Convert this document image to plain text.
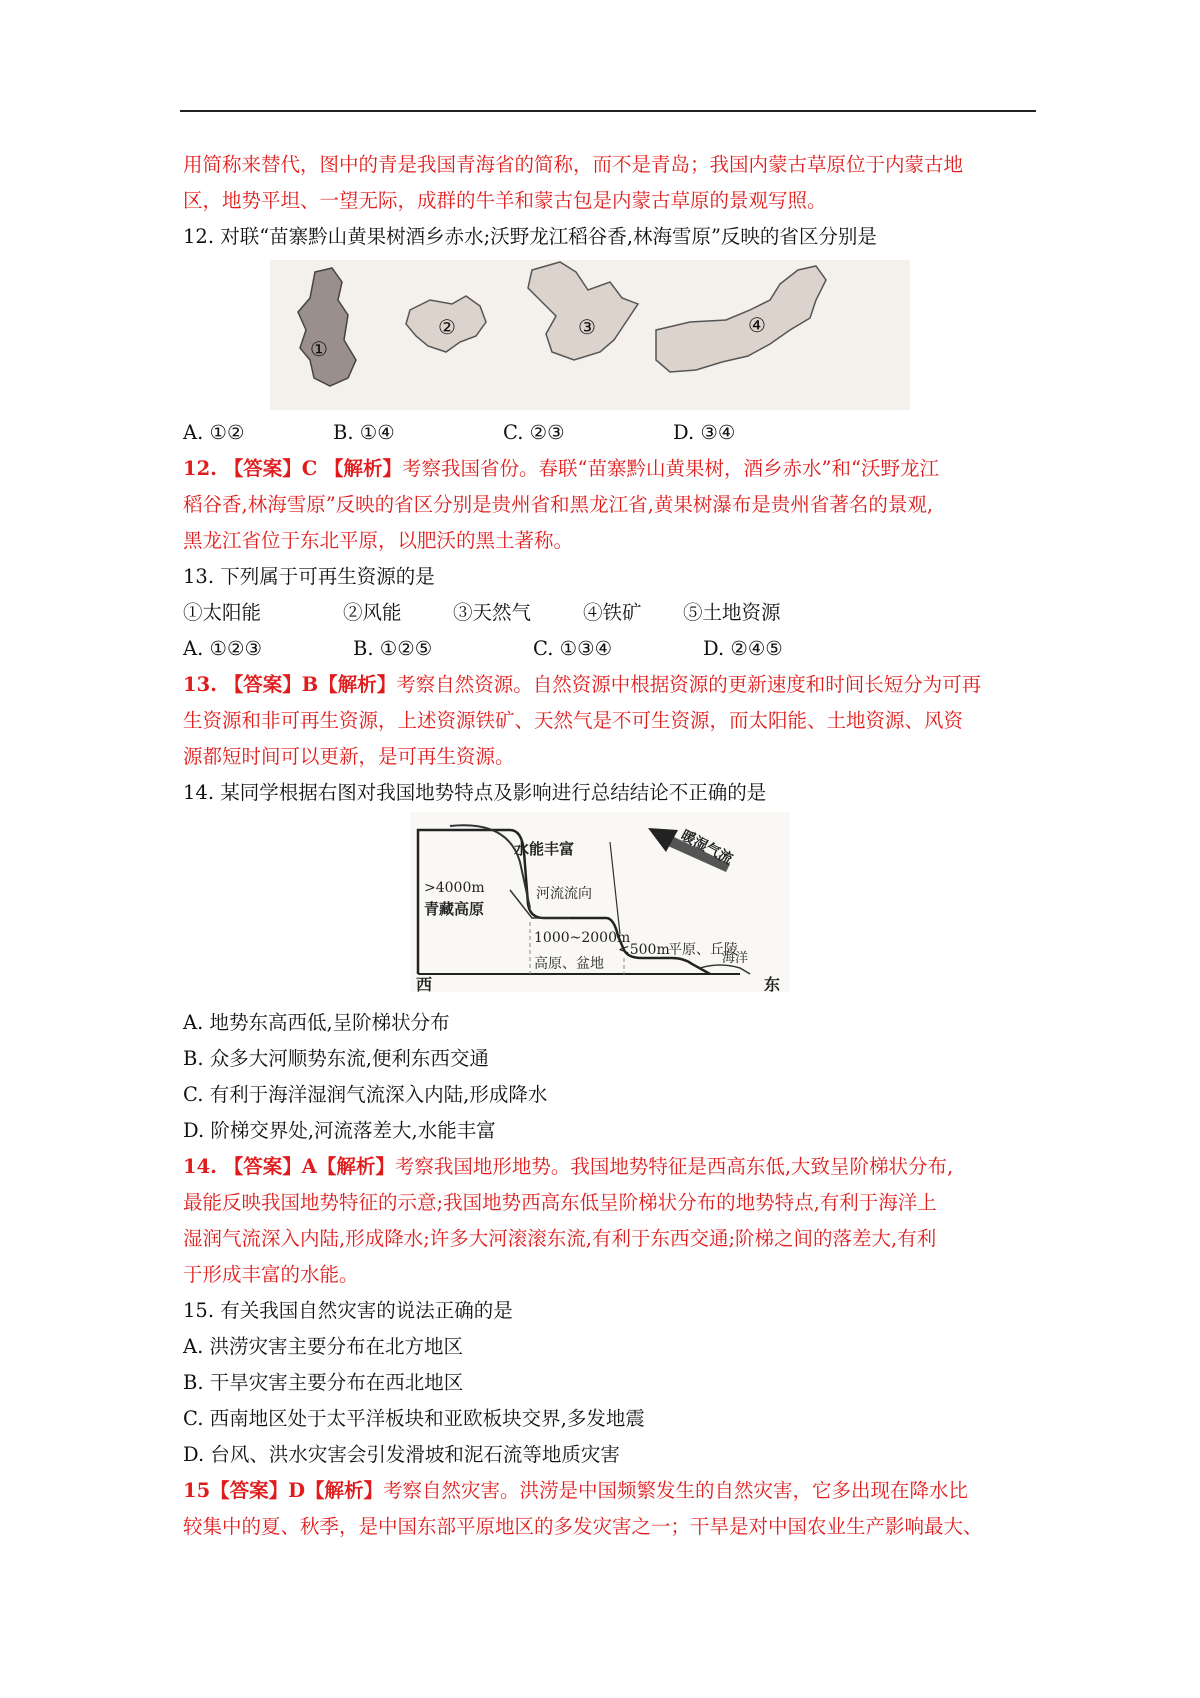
用简称来替代，图中的青是我国青海省的简称，而不是青岛；我国内蒙古草原位于内蒙古地
区，地势平坦、一望无际，成群的牛羊和蒙古包是内蒙古草原的景观写照。
12. 对联“苗寨黔山黄果树酒乡赤水;沃野龙江稻谷香,林海雪原”反映的省区分别是
①
②	③	④
A. ①②	B. ①④	C. ②③	D. ③④
12. 【答案】C 【解析】考察我国省份。春联“苗寨黔山黄果树，酒乡赤水”和“沃野龙江
稻谷香,林海雪原”反映的省区分别是贵州省和黑龙江省,黄果树瀑布是贵州省著名的景观,
黑龙江省位于东北平原，以肥沃的黑土著称。
13. 下列属于可再生资源的是
①太阳能	②风能	③天然气	④铁矿 ⑤土地资源
A. ①②③	B. ①②⑤	C. ①③④	D. ②④⑤
13. 【答案】B【解析】考察自然资源。自然资源中根据资源的更新速度和时间长短分为可再
生资源和非可再生资源，上述资源铁矿、天然气是不可生资源，而太阳能、土地资源、风资
源都短时间可以更新，是可再生资源。
14. 某同学根据右图对我国地势特点及影响进行总结结论不正确的是
水能丰富	暖湿气流
>4000m
青藏高原
河流流向
1000~2000m
高原、盆地
<500m
平原、丘陵
海洋
西	东
A. 地势东高西低,呈阶梯状分布
B. 众多大河顺势东流,便利东西交通
C. 有利于海洋湿润气流深入内陆,形成降水
D. 阶梯交界处,河流落差大,水能丰富
14. 【答案】A【解析】考察我国地形地势。我国地势特征是西高东低,大致呈阶梯状分布,
最能反映我国地势特征的示意;我国地势西高东低呈阶梯状分布的地势特点,有利于海洋上
湿润气流深入内陆,形成降水;许多大河滚滚东流,有利于东西交通;阶梯之间的落差大,有利
于形成丰富的水能。
15. 有关我国自然灾害的说法正确的是
A. 洪涝灾害主要分布在北方地区
B. 干旱灾害主要分布在西北地区
C. 西南地区处于太平洋板块和亚欧板块交界,多发地震
D. 台风、洪水灾害会引发滑坡和泥石流等地质灾害
15【答案】D【解析】考察自然灾害。洪涝是中国频繁发生的自然灾害，它多出现在降水比
较集中的夏、秋季，是中国东部平原地区的多发灾害之一；干旱是对中国农业生产影响最大、
